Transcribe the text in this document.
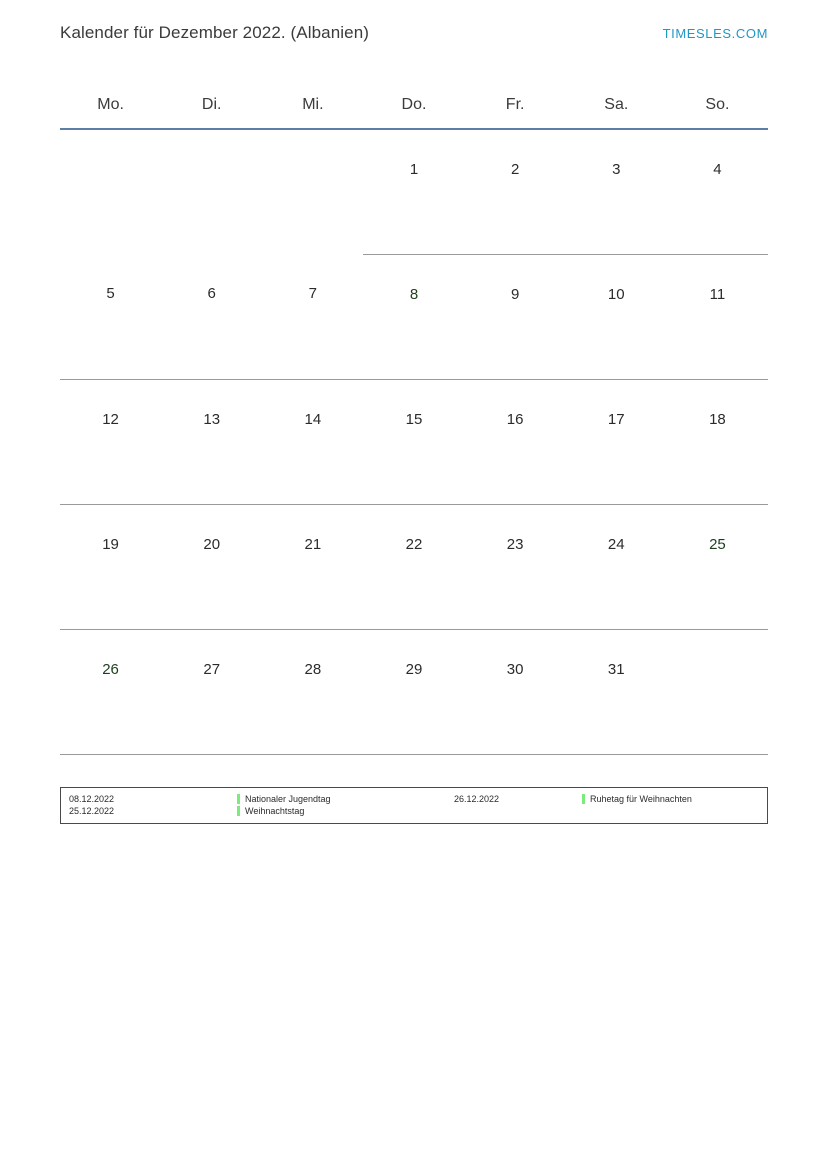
Kalender für Dezember 2022. (Albanien)	TIMESLES.COM
Mo.	Di.	Mi.	Do.	Fr.	Sa.	So.

			1	2	3	4

5	6	7	8	9	10	11

12	13	14	15	16	17	18

19	20	21	22	23	24	25

26	27	28	29	30	31	

08.12.2022	Nationaler Jugendtag	26.12.2022	Ruhetag für Weihnachten
25.12.2022	Weihnachtstag
